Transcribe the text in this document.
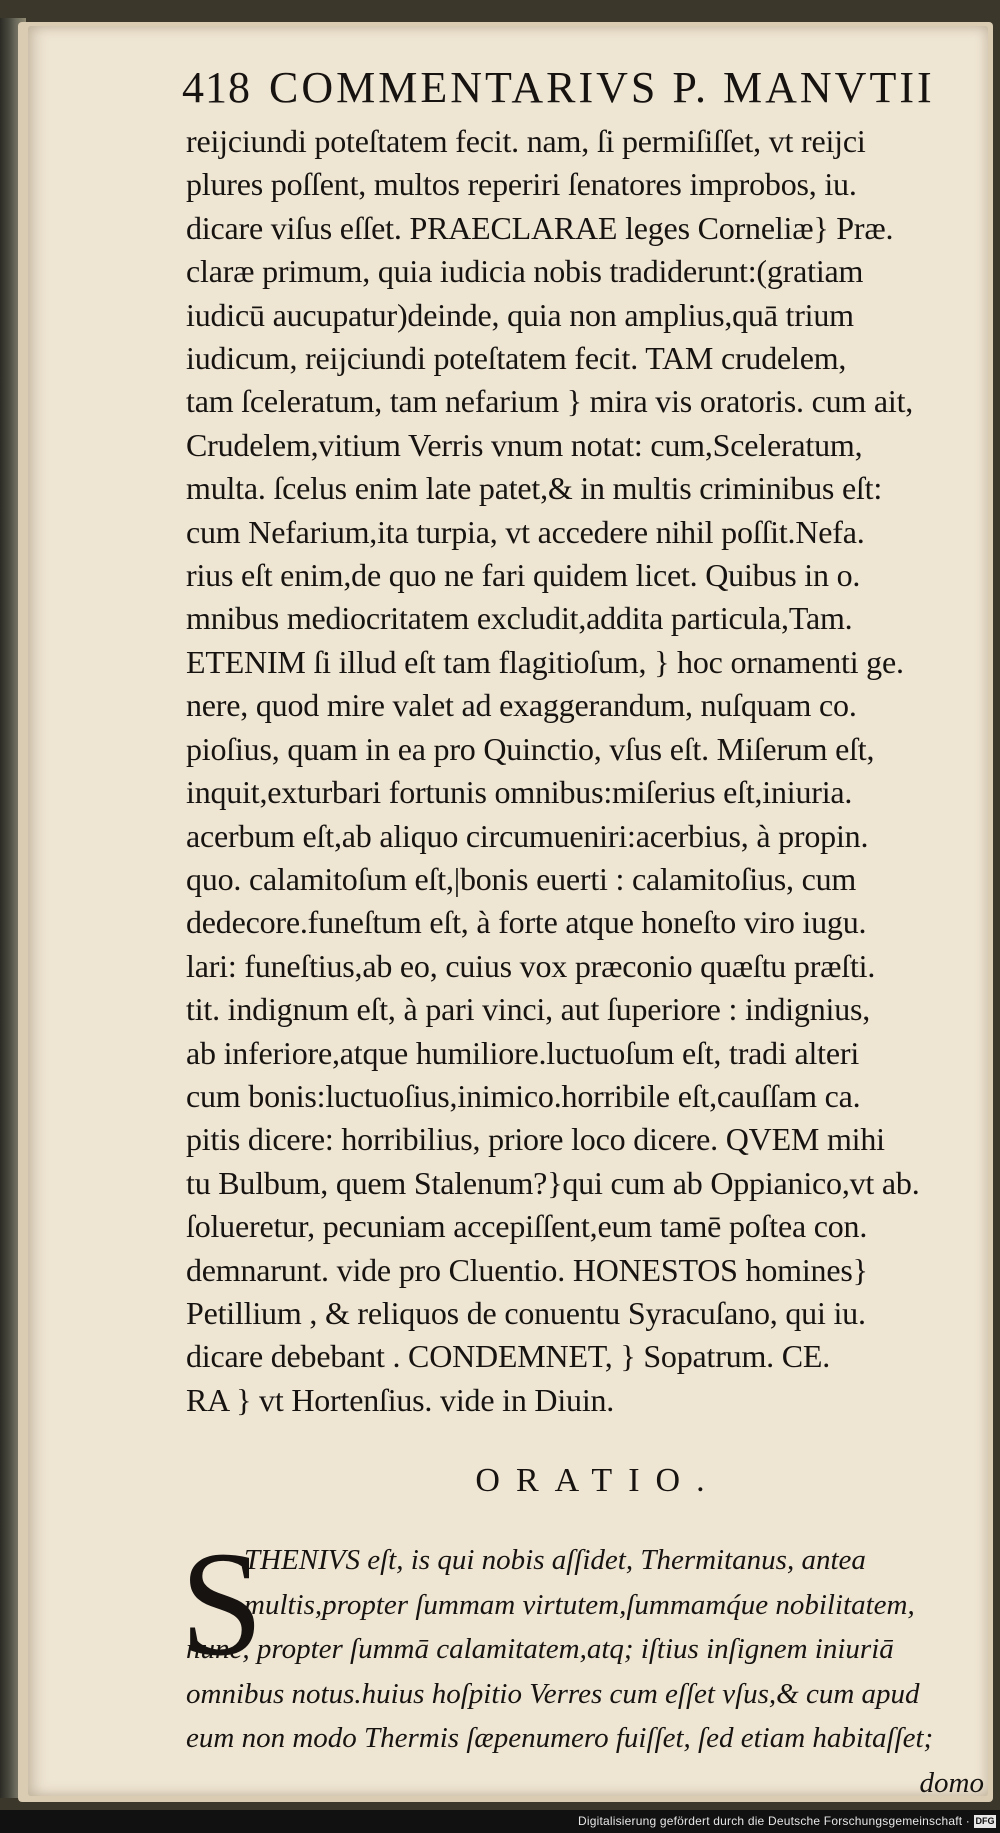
418 COMMENTARIVS P. MANVTII
reijciundi poteſtatem fecit. nam, ſi permiſiſſet, vt reijci
plures poſſent, multos reperiri ſenatores improbos, iu.
dicare viſus eſſet. PRAECLARAE leges Corneliæ} Præ.
claræ primum, quia iudicia nobis tradiderunt:(gratiam
iudicū aucupatur)deinde, quia non amplius,quā trium
iudicum, reijciundi poteſtatem fecit. TAM crudelem,
tam ſceleratum, tam nefarium } mira vis oratoris. cum ait,
Crudelem,vitium Verris vnum notat: cum,Sceleratum,
multa. ſcelus enim late patet,& in multis criminibus eſt:
cum Nefarium,ita turpia, vt accedere nihil poſſit.Nefa.
rius eſt enim,de quo ne fari quidem licet. Quibus in o.
mnibus mediocritatem excludit,addita particula,Tam.
ETENIM ſi illud eſt tam flagitioſum, } hoc ornamenti ge.
nere, quod mire valet ad exaggerandum, nuſquam co.
pioſius, quam in ea pro Quinctio, vſus eſt. Miſerum eſt,
inquit,exturbari fortunis omnibus:miſerius eſt,iniuria.
acerbum eſt,ab aliquo circumueniri:acerbius, à propin.
quo. calamitoſum eſt,|bonis euerti : calamitoſius, cum
dedecore.funeſtum eſt, à forte atque honeſto viro iugu.
lari: funeſtius,ab eo, cuius vox præconio quæſtu præſti.
tit. indignum eſt, à pari vinci, aut ſuperiore : indignius,
ab inferiore,atque humiliore.luctuoſum eſt, tradi alteri
cum bonis:luctuoſius,inimico.horribile eſt,cauſſam ca.
pitis dicere: horribilius, priore loco dicere. QVEM mihi
tu Bulbum, quem Stalenum?}qui cum ab Oppianico,vt ab.
ſolueretur, pecuniam accepiſſent,eum tamē poſtea con.
demnarunt. vide pro Cluentio. HONESTOS homines}
Petillium , & reliquos de conuentu Syracuſano, qui iu.
dicare debebant . CONDEMNET, } Sopatrum. CE.
RA } vt Hortenſius. vide in Diuin.
ORATIO.
S
THENIVS eſt, is qui nobis aſſidet, Thermitanus, antea
multis,propter ſummam virtutem,ſummamq́ue nobilitatem,
nunc, propter ſummā calamitatem,atq; iſtius inſignem iniuriā
omnibus notus.huius hoſpitio Verres cum eſſet vſus,& cum apud
eum non modo Thermis ſæpenumero fuiſſet, ſed etiam habitaſſet;
domo
Digitalisierung gefördert durch die Deutsche Forschungsgemeinschaft · DFG
